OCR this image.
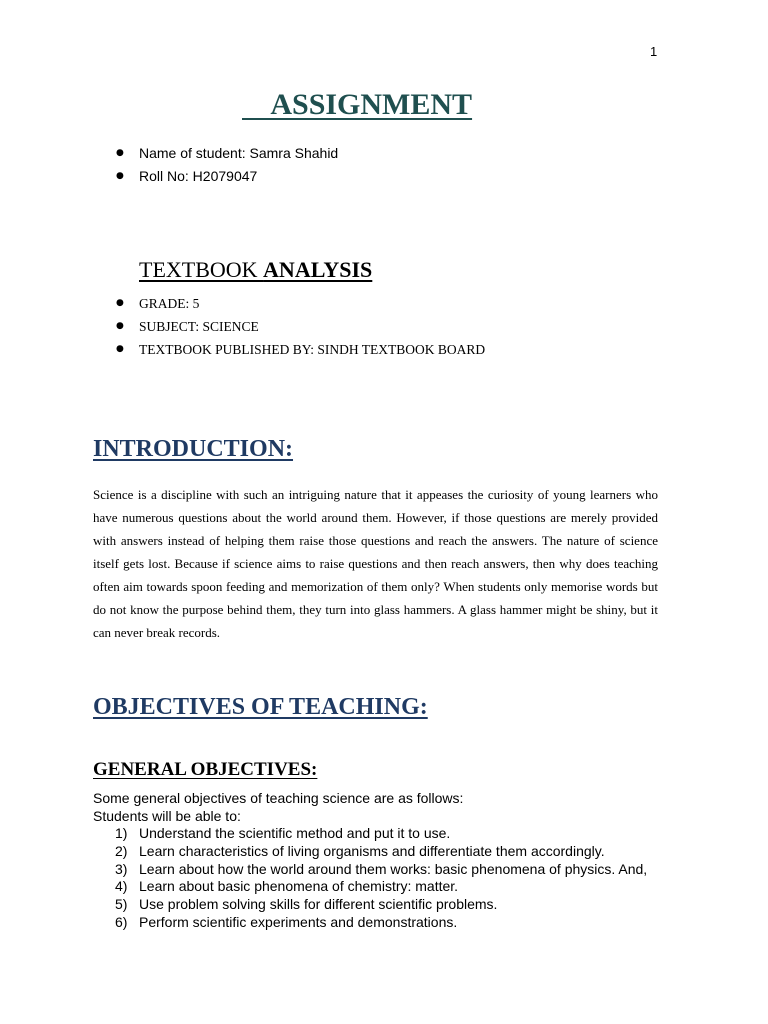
1
ASSIGNMENT
● Name of student: Samra Shahid
● Roll No: H2079047
TEXTBOOK ANALYSIS
● GRADE: 5
● SUBJECT: SCIENCE
● TEXTBOOK PUBLISHED BY: SINDH TEXTBOOK BOARD
INTRODUCTION:

Science is a discipline with such an intriguing nature that it appeases the curiosity of young learners who have numerous questions about the world around them. However, if those questions are merely provided with answers instead of helping them raise those questions and reach the answers. The nature of science itself gets lost. Because if science aims to raise questions and then reach answers, then why does teaching often aim towards spoon feeding and memorization of them only? When students only memorise words but do not know the purpose behind them, they turn into glass hammers. A glass hammer might be shiny, but it can never break records.

OBJECTIVES OF TEACHING:
GENERAL OBJECTIVES:
Some general objectives of teaching science are as follows:
Students will be able to:
1) Understand the scientific method and put it to use.
2) Learn characteristics of living organisms and differentiate them accordingly.
3) Learn about how the world around them works: basic phenomena of physics. And,
4) Learn about basic phenomena of chemistry: matter.
5) Use problem solving skills for different scientific problems.
6) Perform scientific experiments and demonstrations.
